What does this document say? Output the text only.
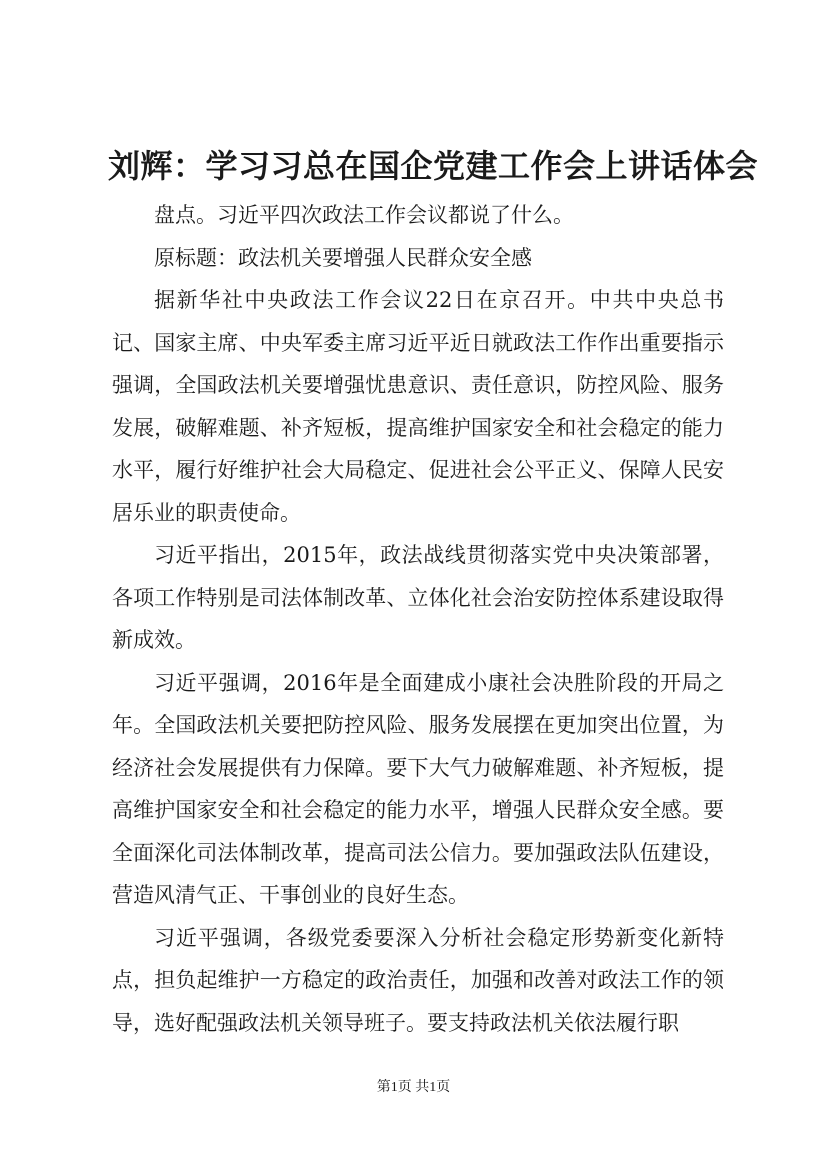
刘辉：学习习总在国企党建工作会上讲话体会

盘点。习近平四次政法工作会议都说了什么。

原标题：政法机关要增强人民群众安全感

据新华社中央政法工作会议22日在京召开。中共中央总书记、国家主席、中央军委主席习近平近日就政法工作作出重要指示强调，全国政法机关要增强忧患意识、责任意识，防控风险、服务发展，破解难题、补齐短板，提高维护国家安全和社会稳定的能力水平，履行好维护社会大局稳定、促进社会公平正义、保障人民安居乐业的职责使命。

习近平指出，2015年，政法战线贯彻落实党中央决策部署，各项工作特别是司法体制改革、立体化社会治安防控体系建设取得新成效。

习近平强调，2016年是全面建成小康社会决胜阶段的开局之年。全国政法机关要把防控风险、服务发展摆在更加突出位置，为经济社会发展提供有力保障。要下大气力破解难题、补齐短板，提高维护国家安全和社会稳定的能力水平，增强人民群众安全感。要全面深化司法体制改革，提高司法公信力。要加强政法队伍建设，营造风清气正、干事创业的良好生态。

习近平强调，各级党委要深入分析社会稳定形势新变化新特点，担负起维护一方稳定的政治责任，加强和改善对政法工作的领导，选好配强政法机关领导班子。要支持政法机关依法履行职

第1页 共1页
